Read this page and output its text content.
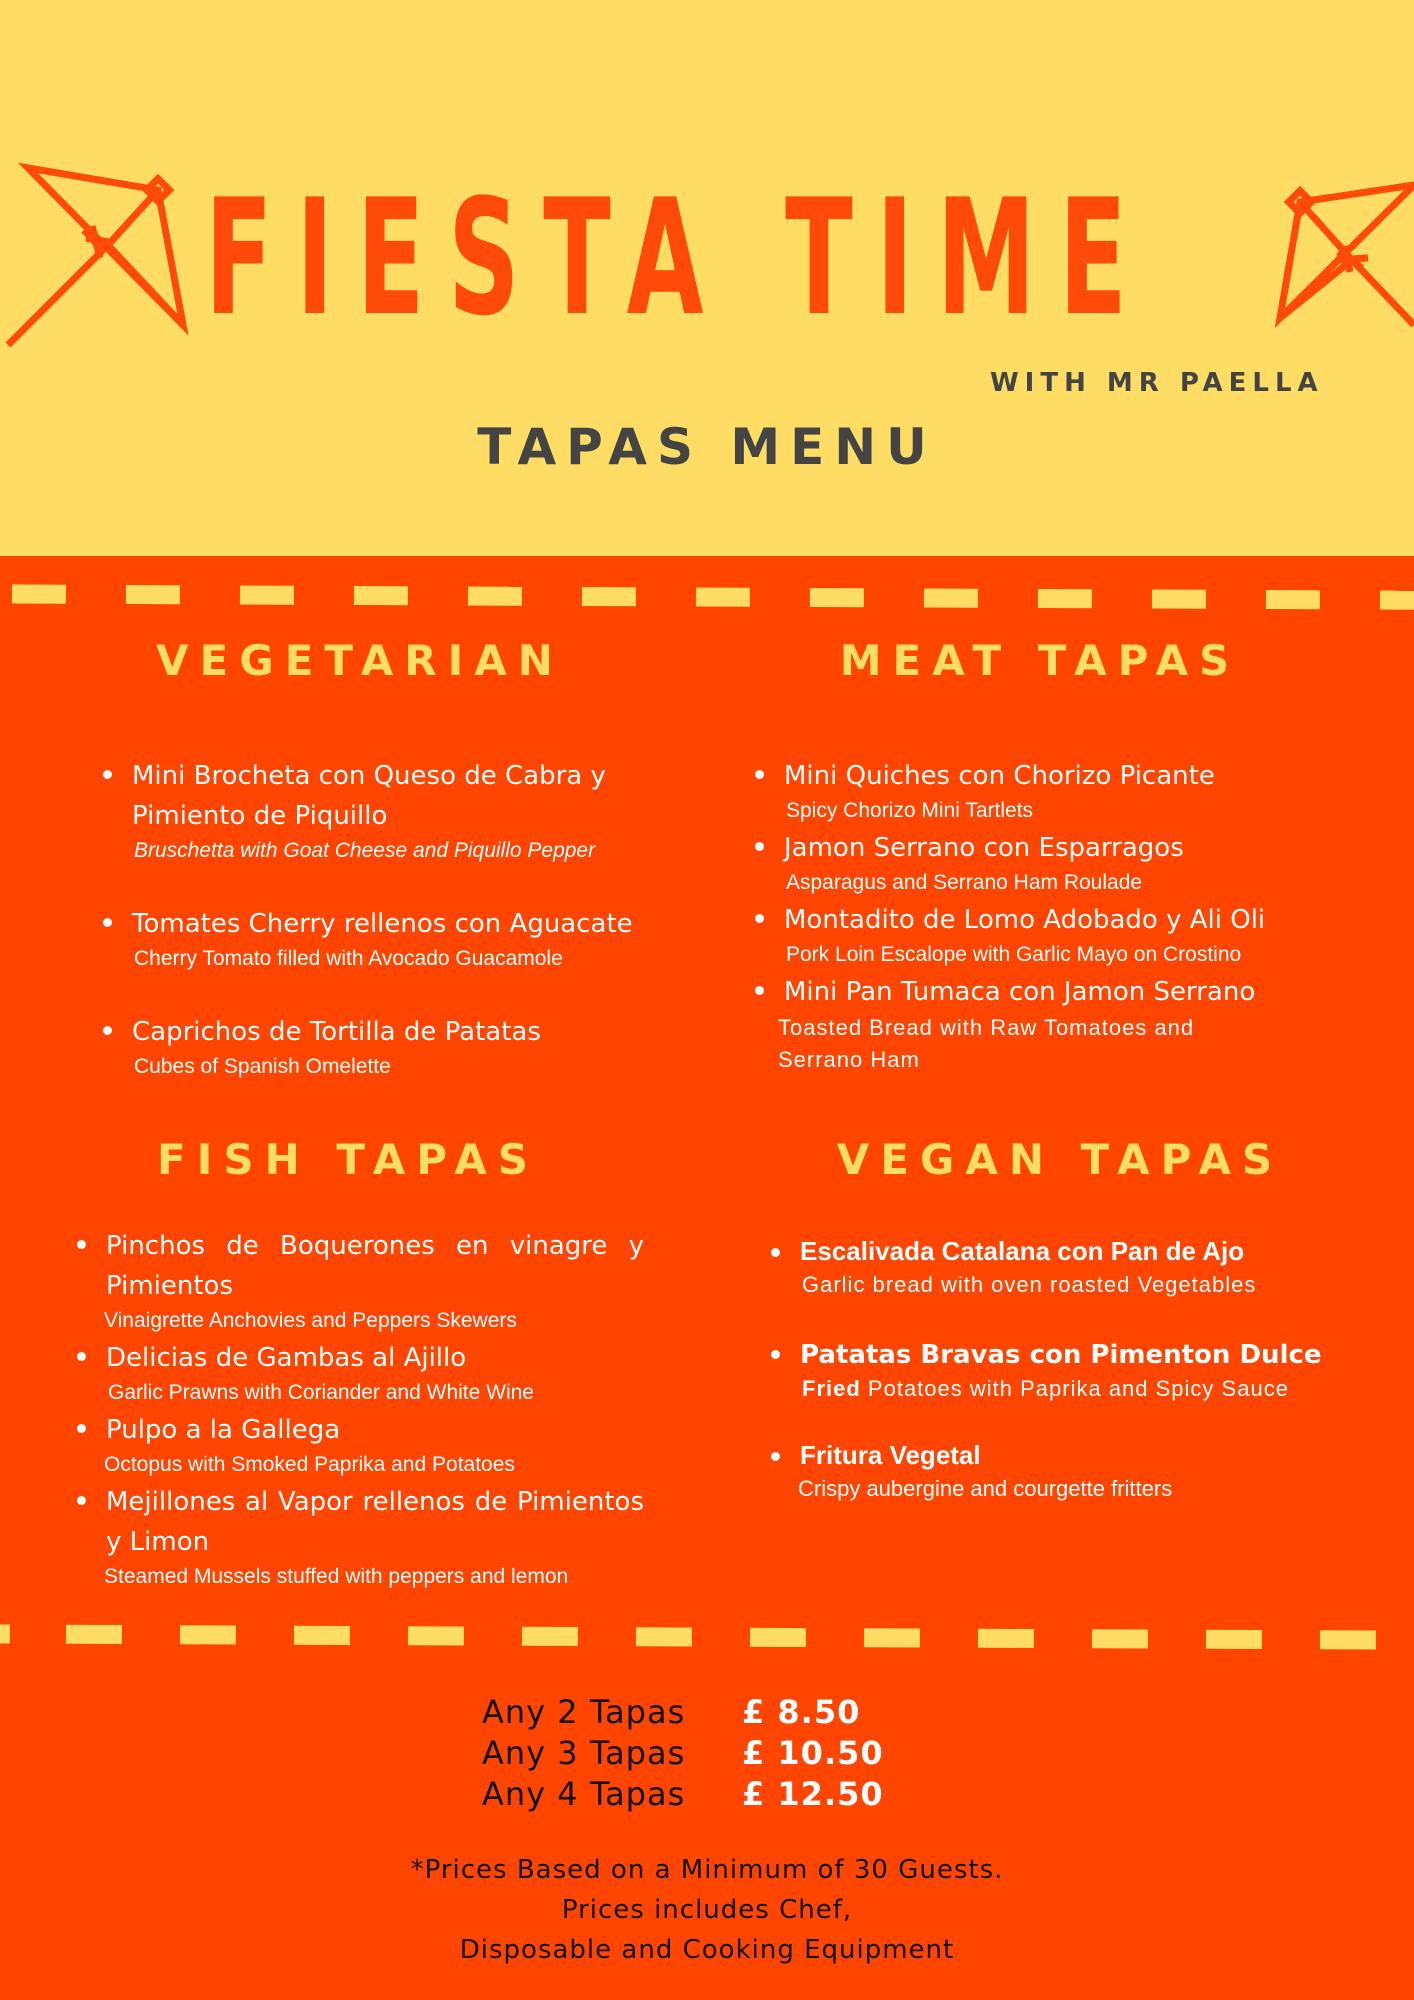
FIESTA TIME
WITH MR PAELLA
TAPAS MENU
VEGETARIAN
Mini Brocheta con Queso de Cabra y Pimiento de Piquillo
Bruschetta with Goat Cheese and Piquillo Pepper
Tomates Cherry rellenos con Aguacate
Cherry Tomato filled with Avocado Guacamole
Caprichos de Tortilla de Patatas
Cubes of Spanish Omelette
MEAT TAPAS
Mini Quiches con Chorizo Picante
Spicy Chorizo Mini Tartlets
Jamon Serrano con Esparragos
Asparagus and Serrano Ham Roulade
Montadito de Lomo Adobado y Ali Oli
Pork Loin Escalope with Garlic Mayo on Crostino
Mini Pan Tumaca con Jamon Serrano
Toasted Bread with Raw Tomatoes and Serrano Ham
FISH TAPAS
Pinchos de Boquerones en vinagre y Pimientos
Vinaigrette Anchovies and Peppers Skewers
Delicias de Gambas al Ajillo
Garlic Prawns with Coriander and White Wine
Pulpo a la Gallega
Octopus with Smoked Paprika and Potatoes
Mejillones al Vapor rellenos de Pimientos y Limon
Steamed Mussels stuffed with peppers and lemon
VEGAN TAPAS
Escalivada Catalana con Pan de Ajo
Garlic bread with oven roasted Vegetables
Patatas Bravas con Pimenton Dulce
Fried Potatoes with Paprika and Spicy Sauce
Fritura Vegetal
Crispy aubergine and courgette fritters
Any 2 Tapas	£ 8.50
Any 3 Tapas	£ 10.50
Any 4 Tapas	£ 12.50
*Prices Based on a Minimum of 30 Guests.
Prices includes Chef,
Disposable and Cooking Equipment
